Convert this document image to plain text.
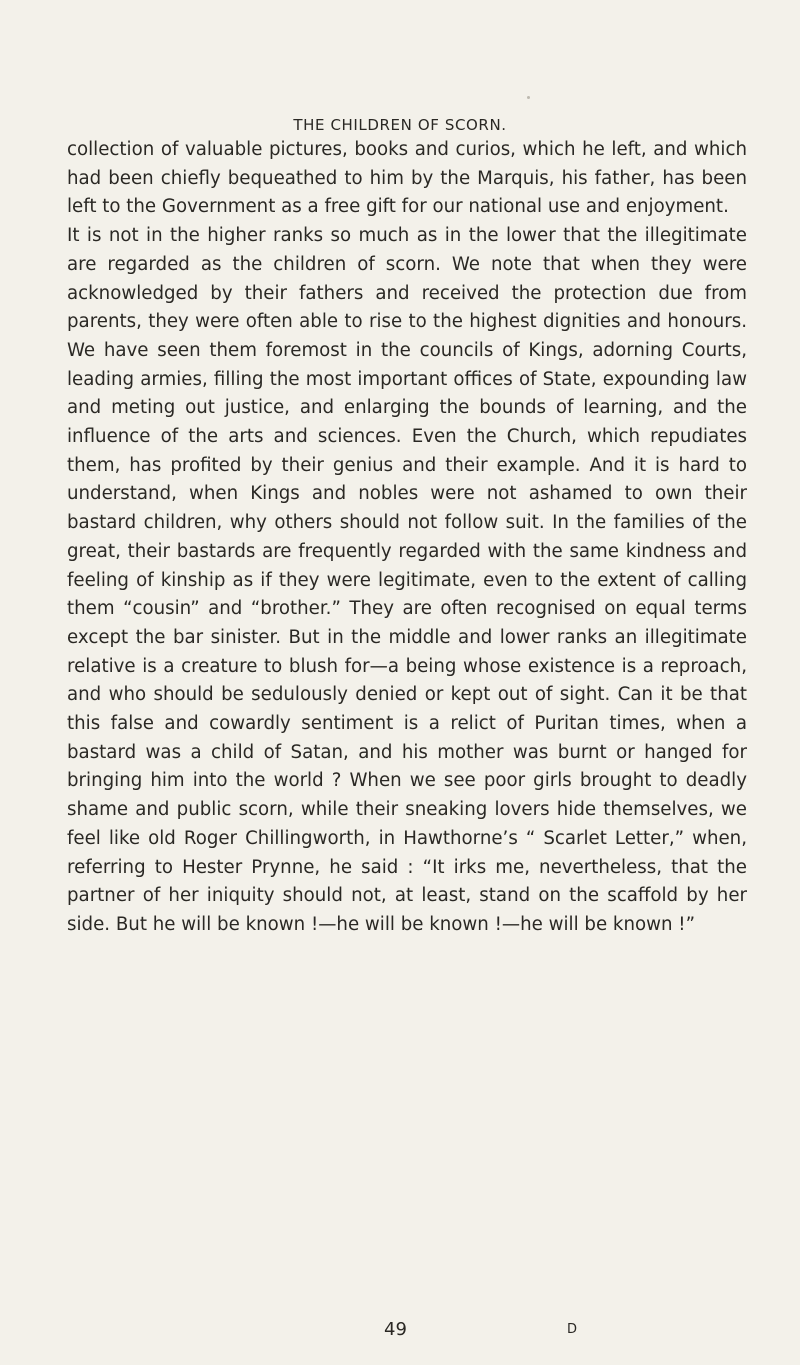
THE CHILDREN OF SCORN.

collection of valuable pictures, books and curios, which he left, and which had been chiefly bequeathed to him by the Marquis, his father, has been left to the Government as a free gift for our national use and enjoyment.

It is not in the higher ranks so much as in the lower that the illegitimate are regarded as the children of scorn. We note that when they were acknowledged by their fathers and received the protection due from parents, they were often able to rise to the highest dignities and honours. We have seen them foremost in the councils of Kings, adorning Courts, leading armies, filling the most important offices of State, expounding law and meting out justice, and enlarging the bounds of learning, and the influence of the arts and sciences. Even the Church, which repudiates them, has profited by their genius and their example. And it is hard to understand, when Kings and nobles were not ashamed to own their bastard children, why others should not follow suit. In the families of the great, their bastards are frequently regarded with the same kindness and feeling of kinship as if they were legitimate, even to the extent of calling them “cousin” and “brother.” They are often recognised on equal terms except the bar sinister. But in the middle and lower ranks an illegitimate relative is a creature to blush for—a being whose existence is a reproach, and who should be sedulously denied or kept out of sight. Can it be that this false and cowardly sentiment is a relict of Puritan times, when a bastard was a child of Satan, and his mother was burnt or hanged for bringing him into the world ? When we see poor girls brought to deadly shame and public scorn, while their sneaking lovers hide themselves, we feel like old Roger Chillingworth, in Hawthorne’s “ Scarlet Letter,” when, referring to Hester Prynne, he said : “It irks me, nevertheless, that the partner of her iniquity should not, at least, stand on the scaffold by her side. But he will be known !—he will be known !—he will be known !”

49	D
